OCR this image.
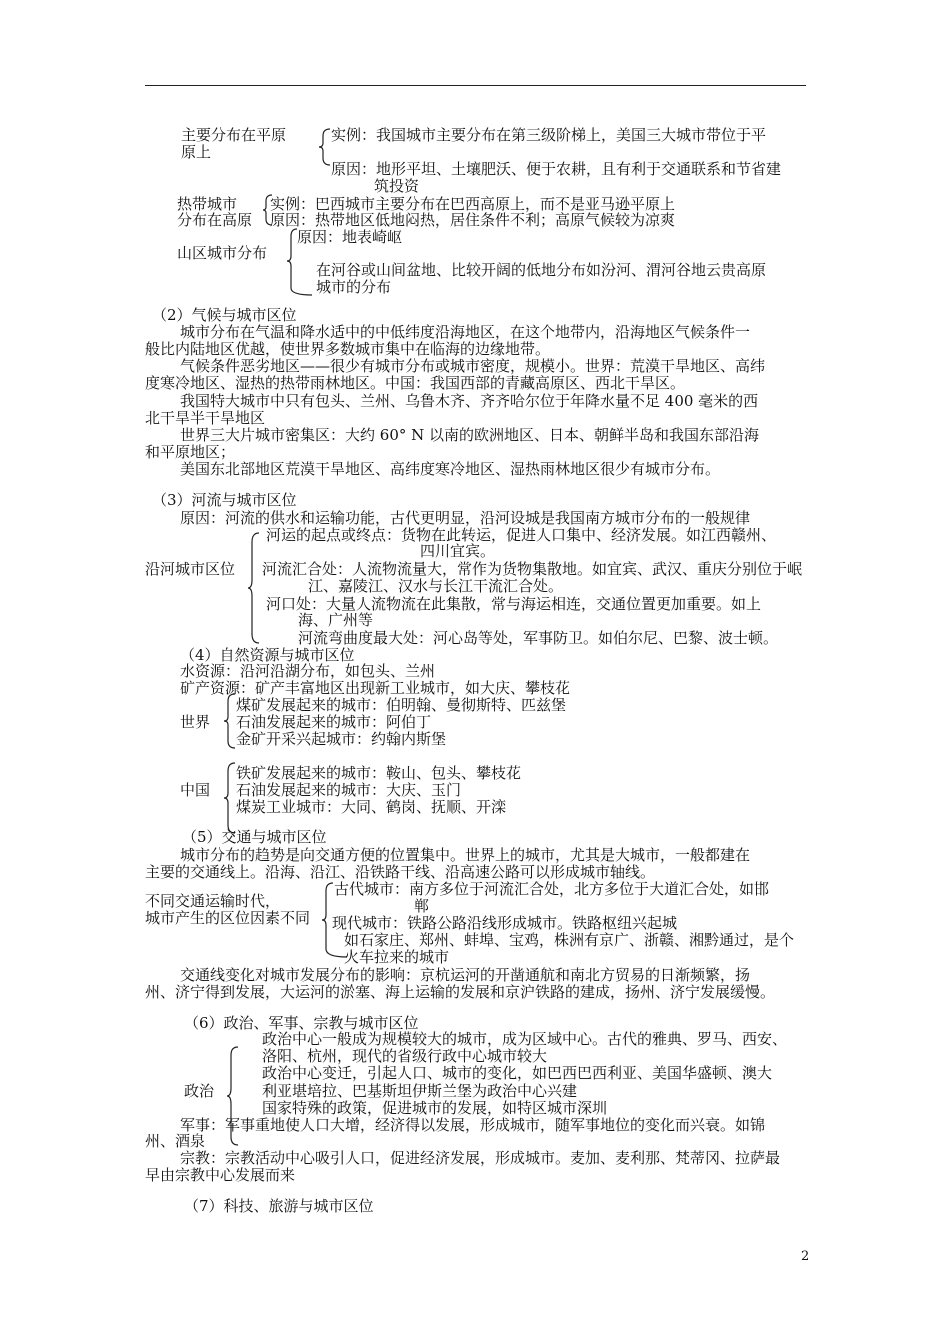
主要分布在平原
原上
实例：我国城市主要分布在第三级阶梯上，美国三大城市带位于平
原因：地形平坦、土壤肥沃、便于农耕，且有利于交通联系和节省建
筑投资
热带城市 实例：巴西城市主要分布在巴西高原上，而不是亚马逊平原上
分布在高原 原因：热带地区低地闷热，居住条件不利；高原气候较为凉爽
原因：地表崎岖
山区城市分布
在河谷或山间盆地、比较开阔的低地分布如汾河、渭河谷地云贵高原
城市的分布
（2）气候与城市区位
城市分布在气温和降水适中的中低纬度沿海地区，在这个地带内，沿海地区气候条件一
般比内陆地区优越，使世界多数城市集中在临海的边缘地带。
气候条件恶劣地区——很少有城市分布或城市密度，规模小。世界：荒漠干旱地区、高纬
度寒冷地区、湿热的热带雨林地区。中国：我国西部的青藏高原区、西北干旱区。
我国特大城市中只有包头、兰州、乌鲁木齐、齐齐哈尔位于年降水量不足 400 毫米的西
北干旱半干旱地区
世界三大片城市密集区：大约 60° N 以南的欧洲地区、日本、朝鲜半岛和我国东部沿海
和平原地区；
美国东北部地区荒漠干旱地区、高纬度寒冷地区、湿热雨林地区很少有城市分布。
（3）河流与城市区位
原因：河流的供水和运输功能，古代更明显，沿河设城是我国南方城市分布的一般规律
河运的起点或终点：货物在此转运，促进人口集中、经济发展。如江西赣州、
四川宜宾。
沿河城市区位 河流汇合处：人流物流量大，常作为货物集散地。如宜宾、武汉、重庆分别位于岷
江、嘉陵江、汉水与长江干流汇合处。
河口处：大量人流物流在此集散，常与海运相连，交通位置更加重要。如上
海、广州等
河流弯曲度最大处：河心岛等处，军事防卫。如伯尔尼、巴黎、波士顿。
（4）自然资源与城市区位
水资源：沿河沿湖分布，如包头、兰州
矿产资源：矿产丰富地区出现新工业城市，如大庆、攀枝花
煤矿发展起来的城市：伯明翰、曼彻斯特、匹兹堡
世界 石油发展起来的城市：阿伯丁
金矿开采兴起城市：约翰内斯堡
铁矿发展起来的城市：鞍山、包头、攀枝花
中国 石油发展起来的城市：大庆、玉门
煤炭工业城市：大同、鹤岗、抚顺、开滦
（5）交通与城市区位
城市分布的趋势是向交通方便的位置集中。世界上的城市，尤其是大城市，一般都建在
主要的交通线上。沿海、沿江、沿铁路干线、沿高速公路可以形成城市轴线。
古代城市：南方多位于河流汇合处，北方多位于大道汇合处，如邯
不同交通运输时代，	郸
城市产生的区位因素不同 现代城市：铁路公路沿线形成城市。铁路枢纽兴起城
如石家庄、郑州、蚌埠、宝鸡，株洲有京广、浙赣、湘黔通过，是个
火车拉来的城市
交通线变化对城市发展分布的影响：京杭运河的开凿通航和南北方贸易的日渐频繁，扬
州、济宁得到发展，大运河的淤塞、海上运输的发展和京沪铁路的建成，扬州、济宁发展缓慢。
（6）政治、军事、宗教与城市区位
政治中心一般成为规模较大的城市，成为区域中心。古代的雅典、罗马、西安、
洛阳、杭州，现代的省级行政中心城市较大
政治中心变迁，引起人口、城市的变化，如巴西巴西利亚、美国华盛顿、澳大
政治	利亚堪培拉、巴基斯坦伊斯兰堡为政治中心兴建
国家特殊的政策，促进城市的发展，如特区城市深圳
军事：军事重地使人口大增，经济得以发展，形成城市，随军事地位的变化而兴衰。如锦
州、酒泉
宗教：宗教活动中心吸引人口，促进经济发展，形成城市。麦加、麦利那、梵蒂冈、拉萨最
早由宗教中心发展而来
（7）科技、旅游与城市区位
2
